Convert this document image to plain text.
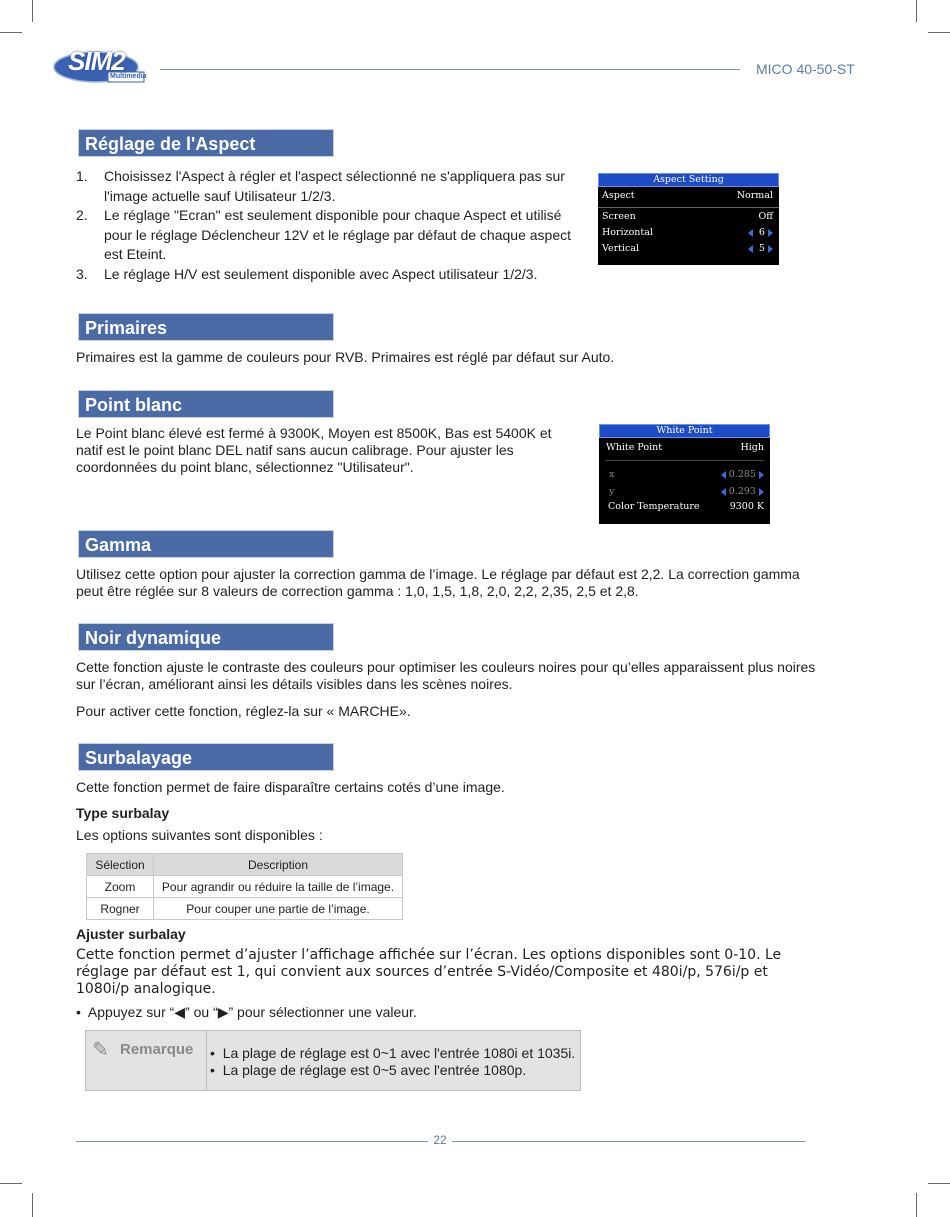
SIM2
Multimedia	MICO 40-50-ST
Réglage de l'Aspect
1. Choisissez l'Aspect à régler et l'aspect sélectionné ne s'appliquera pas sur l'image actuelle sauf Utilisateur 1/2/3.
2. Le réglage "Ecran" est seulement disponible pour chaque Aspect et utilisé pour le réglage Déclencheur 12V et le réglage par défaut de chaque aspect est Eteint.
3. Le réglage H/V est seulement disponible avec Aspect utilisateur 1/2/3.
Aspect Setting
Aspect	Normal
Screen	Off
Horizontal	6
Vertical	5
Primaires
Primaires est la gamme de couleurs pour RVB. Primaires est réglé par défaut sur Auto.
Point blanc
Le Point blanc élevé est fermé à 9300K, Moyen est 8500K, Bas est 5400K et natif est le point blanc DEL natif sans aucun calibrage. Pour ajuster les coordonnées du point blanc, sélectionnez "Utilisateur".
White Point
White Point	High
x	0.285
y	0.293
Color Temperature	9300 K
Gamma
Utilisez cette option pour ajuster la correction gamma de l’image. Le réglage par défaut est 2,2. La correction gamma peut être réglée sur 8 valeurs de correction gamma : 1,0, 1,5, 1,8, 2,0, 2,2, 2,35, 2,5 et 2,8.
Noir dynamique
Cette fonction ajuste le contraste des couleurs pour optimiser les couleurs noires pour qu’elles apparaissent plus noires sur l’écran, améliorant ainsi les détails visibles dans les scènes noires.
Pour activer cette fonction, réglez-la sur « MARCHE».
Surbalayage
Cette fonction permet de faire disparaître certains cotés d’une image.
Type surbalay
Les options suivantes sont disponibles :
Sélection	Description
Zoom	Pour agrandir ou réduire la taille de l’image.
Rogner	Pour couper une partie de l’image.
Ajuster surbalay
Cette fonction permet d’ajuster l’affichage affichée sur l’écran. Les options disponibles sont 0-10. Le réglage par défaut est 1, qui convient aux sources d’entrée S-Vidéo/Composite et 480i/p, 576i/p et 1080i/p analogique.
• Appuyez sur “◀” ou “▶” pour sélectionner une valeur.
✎ Remarque • La plage de réglage est 0~1 avec l'entrée 1080i et 1035i.
• La plage de réglage est 0~5 avec l'entrée 1080p.
22
